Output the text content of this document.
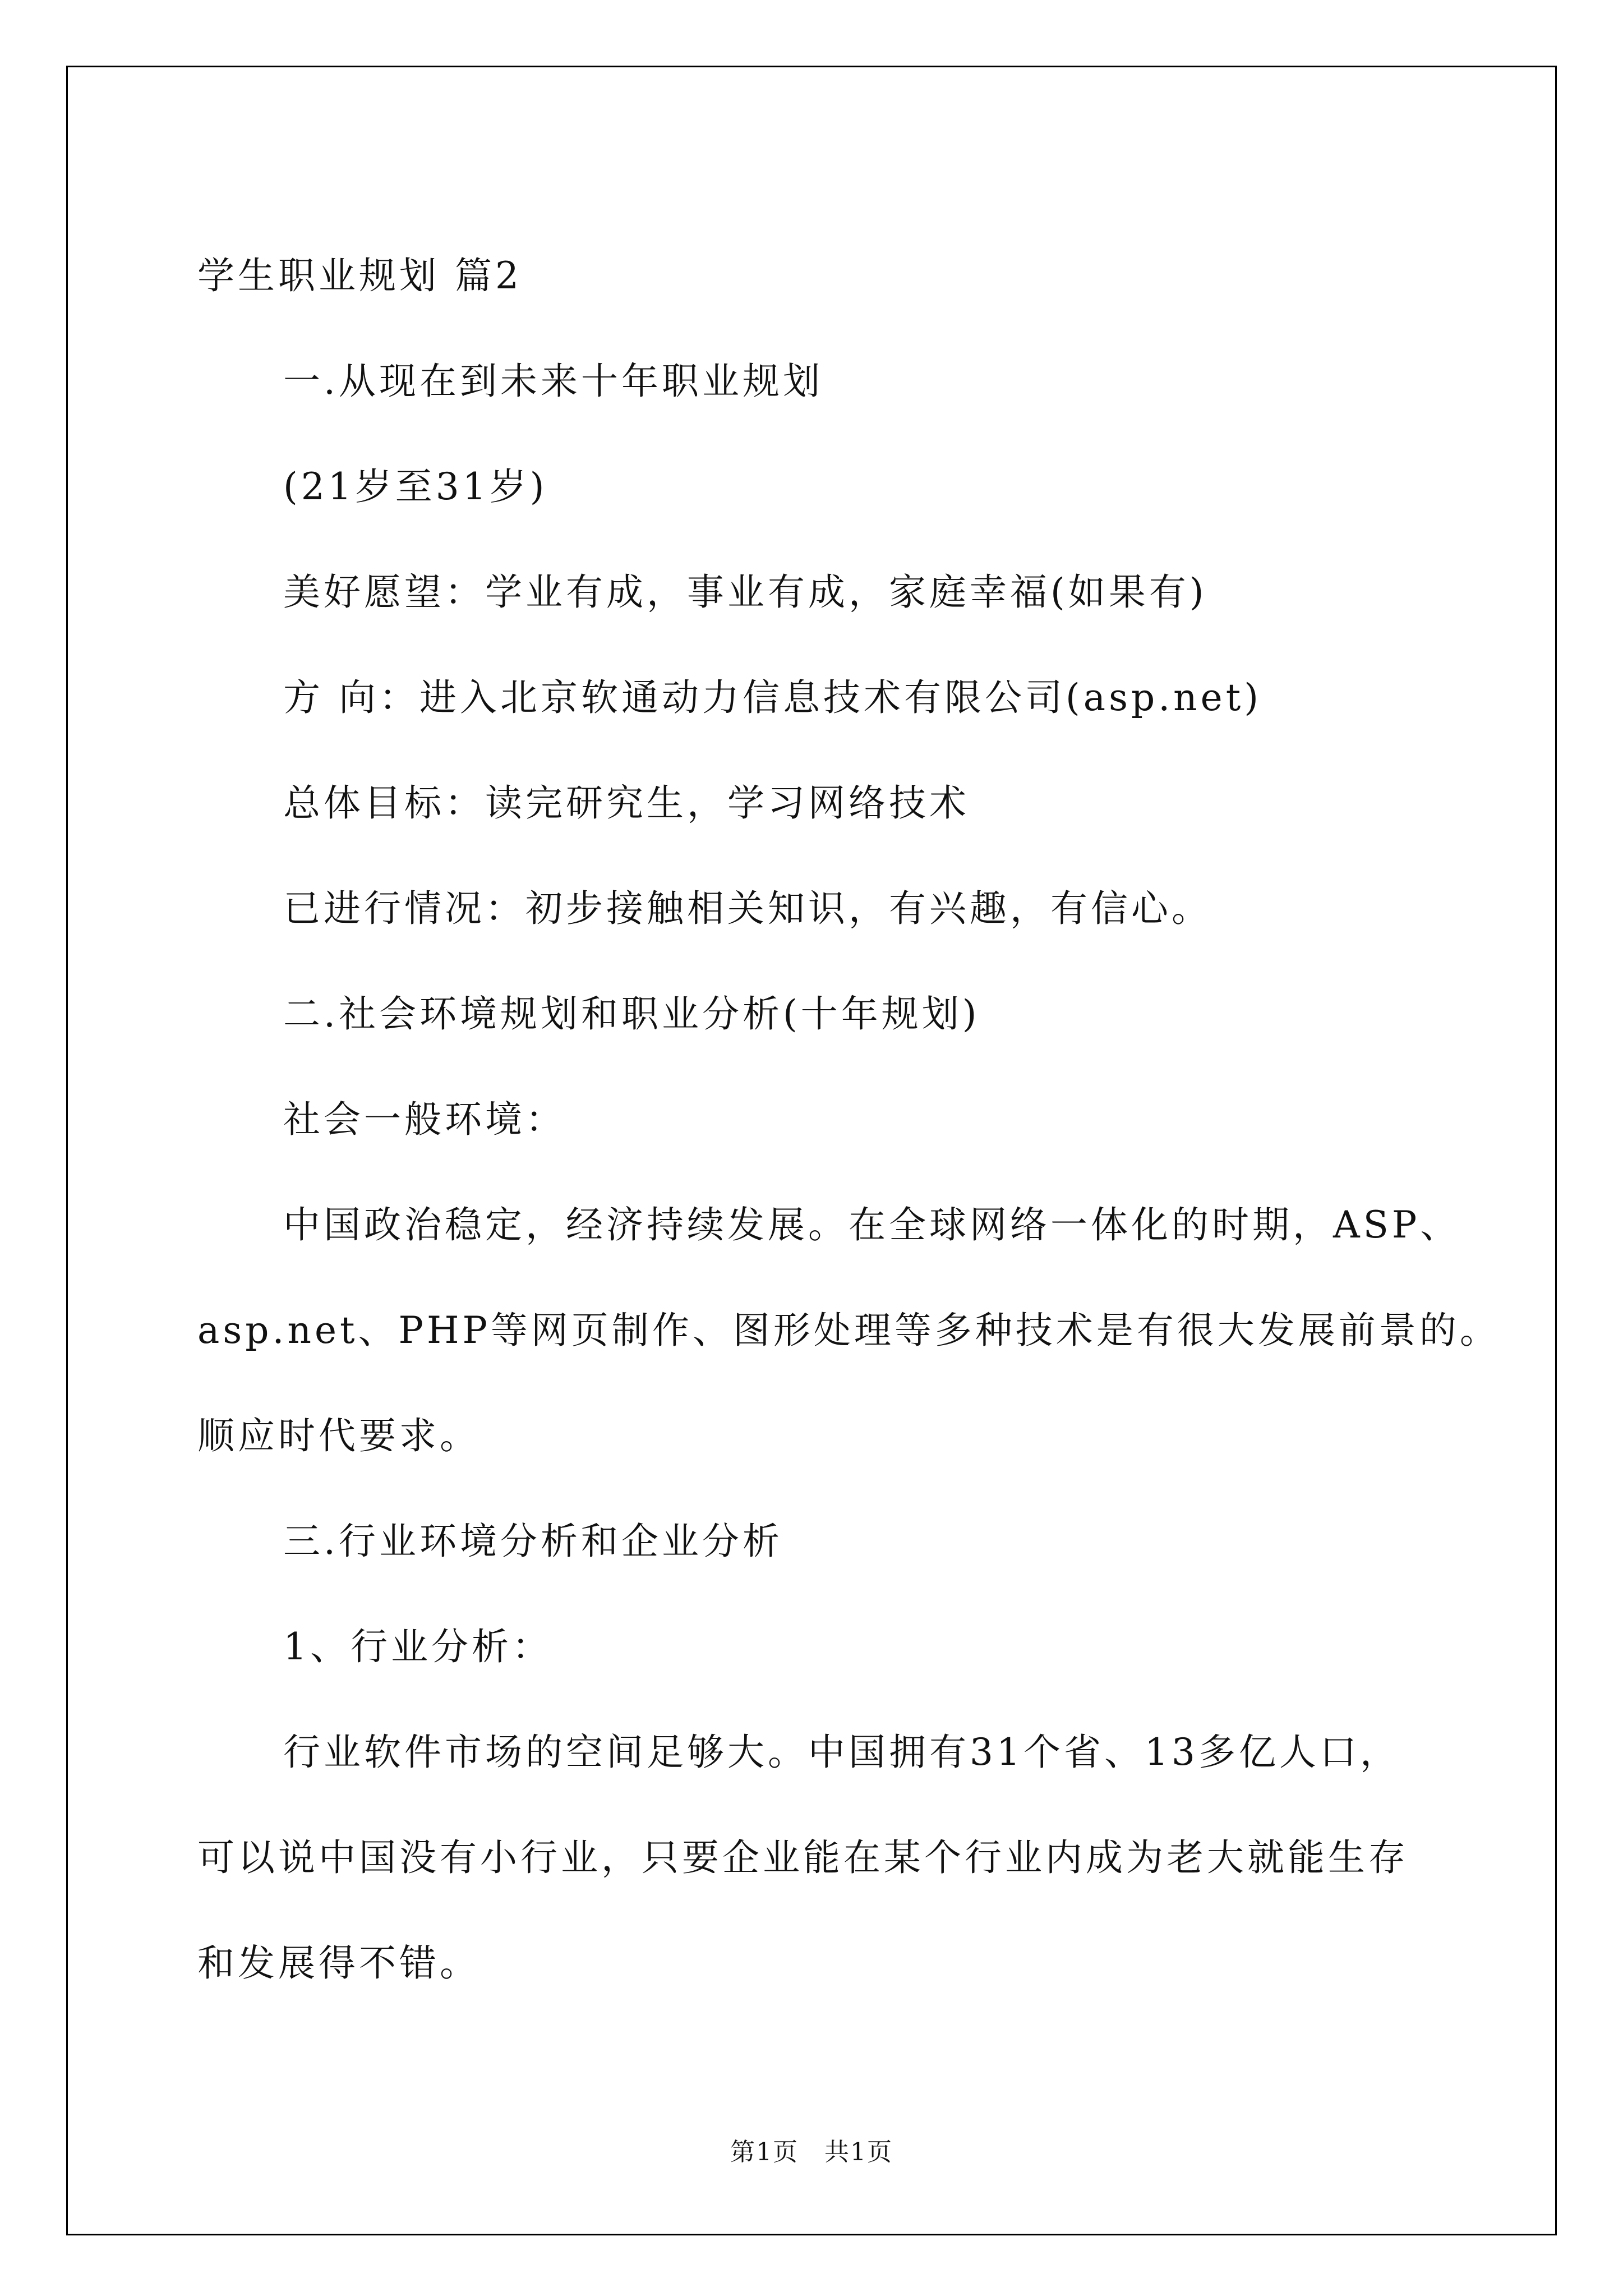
学生职业规划 篇2

一.从现在到未来十年职业规划

(21岁至31岁)

美好愿望：学业有成，事业有成，家庭幸福(如果有)

方 向：进入北京软通动力信息技术有限公司(asp.net)

总体目标：读完研究生，学习网络技术

已进行情况：初步接触相关知识，有兴趣，有信心。

二.社会环境规划和职业分析(十年规划)

社会一般环境：

中国政治稳定，经济持续发展。在全球网络一体化的时期，ASP、

asp.net、PHP等网页制作、图形处理等多种技术是有很大发展前景的。

顺应时代要求。

三.行业环境分析和企业分析

1、行业分析：

行业软件市场的空间足够大。中国拥有31个省、13多亿人口，

可以说中国没有小行业，只要企业能在某个行业内成为老大就能生存

和发展得不错。

第1页　共1页
